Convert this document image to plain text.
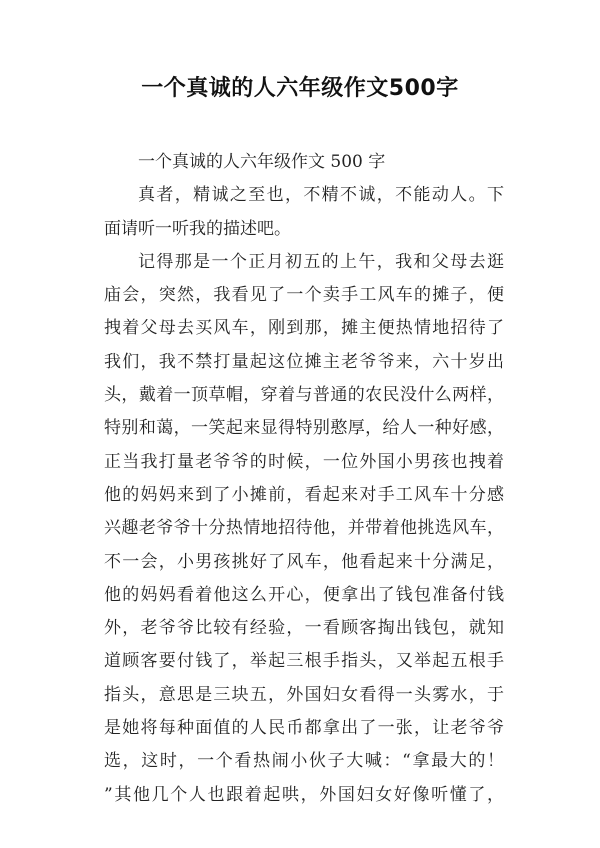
一个真诚的人六年级作文500字

一个真诚的人六年级作文 500 字

真者，精诚之至也，不精不诚，不能动人。下

面请听一听我的描述吧。

记得那是一个正月初五的上午，我和父母去逛

庙会，突然，我看见了一个卖手工风车的摊子，便

拽着父母去买风车，刚到那，摊主便热情地招待了

我们，我不禁打量起这位摊主老爷爷来，六十岁出

头，戴着一顶草帽，穿着与普通的农民没什么两样，

特别和蔼，一笑起来显得特别憨厚，给人一种好感，

正当我打量老爷爷的时候，一位外国小男孩也拽着

他的妈妈来到了小摊前，看起来对手工风车十分感

兴趣老爷爷十分热情地招待他，并带着他挑选风车，

不一会，小男孩挑好了风车，他看起来十分满足，

他的妈妈看着他这么开心，便拿出了钱包准备付钱

外，老爷爷比较有经验，一看顾客掏出钱包，就知

道顾客要付钱了，举起三根手指头，又举起五根手

指头，意思是三块五，外国妇女看得一头雾水，于

是她将每种面值的人民币都拿出了一张，让老爷爷

选，这时，一个看热闹小伙子大喊：“拿最大的！

”其他几个人也跟着起哄，外国妇女好像听懂了，
